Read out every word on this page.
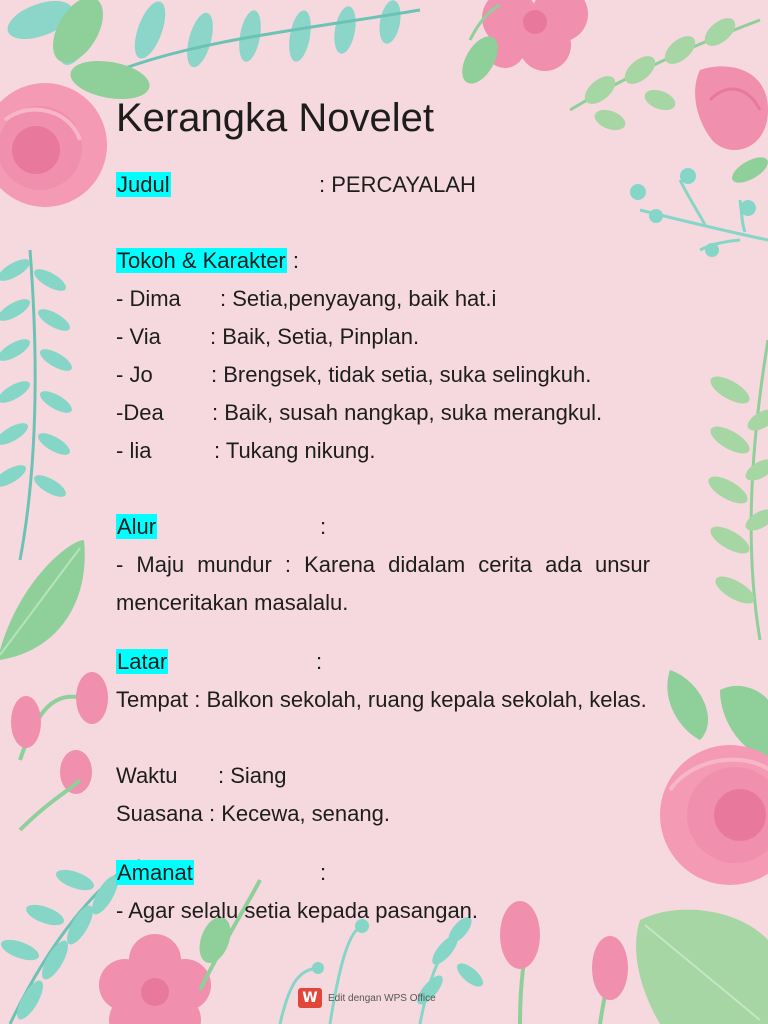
Kerangka Novelet
Judul	: PERCAYALAH
Tokoh & Karakter :
- Dima : Setia,penyayang, baik hat.i
- Via : Baik, Setia, Pinplan.
- Jo	: Brengsek, tidak setia, suka selingkuh.
-Dea : Baik, susah nangkap, suka merangkul.
- lia	: Tukang nikung.
Alur	:
- Maju mundur : Karena didalam cerita ada unsur menceritakan masalalu.
Latar	:
Tempat : Balkon sekolah, ruang kepala sekolah, kelas.
Waktu : Siang
Suasana : Kecewa, senang.
Amanat	:
- Agar selalu setia kepada pasangan.
W	Edit dengan WPS Office
